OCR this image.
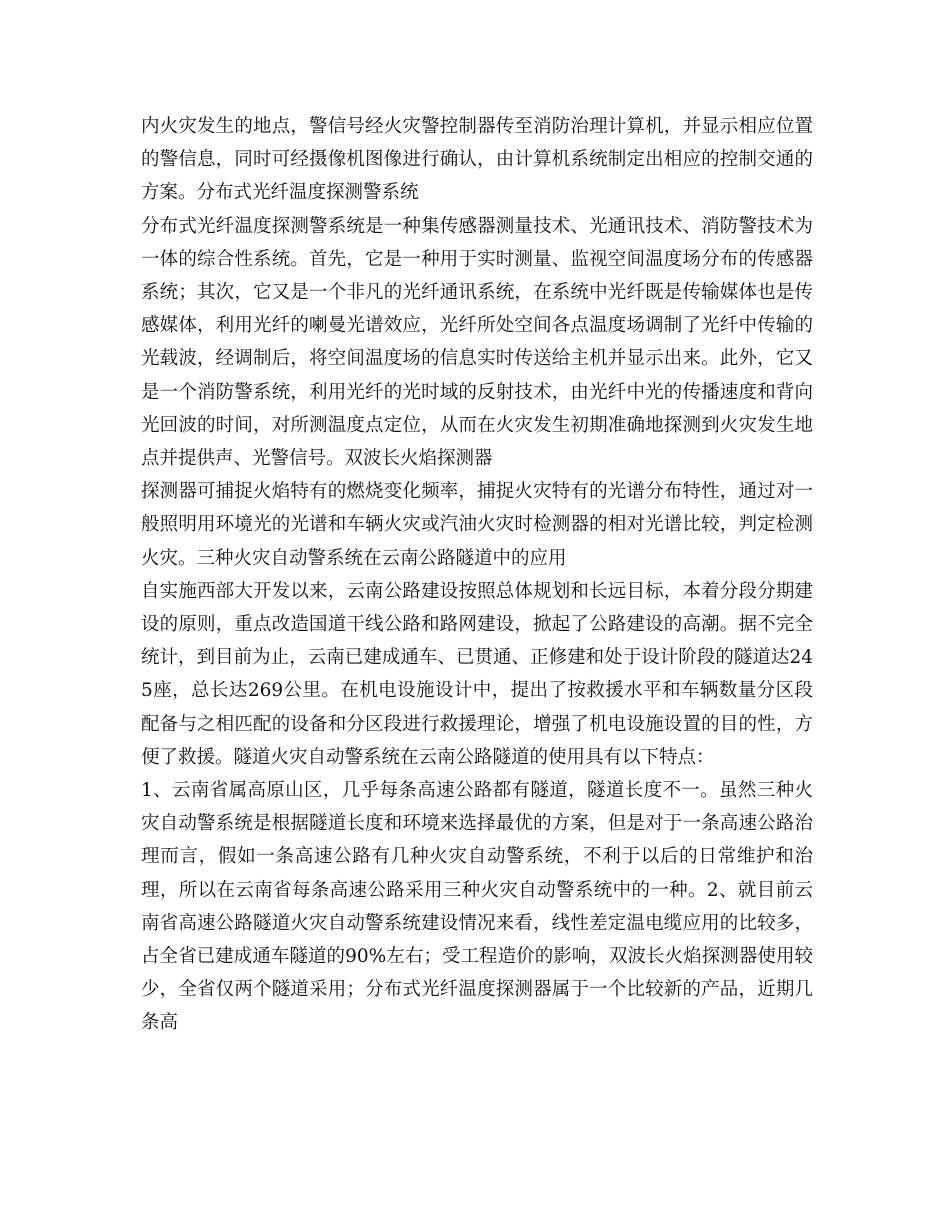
内火灾发生的地点，警信号经火灾警控制器传至消防治理计算机，并显示相应位置的警信息，同时可经摄像机图像进行确认，由计算机系统制定出相应的控制交通的方案。分布式光纤温度探测警系统

分布式光纤温度探测警系统是一种集传感器测量技术、光通讯技术、消防警技术为一体的综合性系统。首先，它是一种用于实时测量、监视空间温度场分布的传感器系统；其次，它又是一个非凡的光纤通讯系统，在系统中光纤既是传输媒体也是传感媒体，利用光纤的喇曼光谱效应，光纤所处空间各点温度场调制了光纤中传输的光载波，经调制后，将空间温度场的信息实时传送给主机并显示出来。此外，它又是一个消防警系统，利用光纤的光时域的反射技术，由光纤中光的传播速度和背向光回波的时间，对所测温度点定位，从而在火灾发生初期准确地探测到火灾发生地点并提供声、光警信号。双波长火焰探测器

探测器可捕捉火焰特有的燃烧变化频率，捕捉火灾特有的光谱分布特性，通过对一般照明用环境光的光谱和车辆火灾或汽油火灾时检测器的相对光谱比较，判定检测火灾。三种火灾自动警系统在云南公路隧道中的应用

自实施西部大开发以来，云南公路建设按照总体规划和长远目标，本着分段分期建设的原则，重点改造国道干线公路和路网建设，掀起了公路建设的高潮。据不完全统计，到目前为止，云南已建成通车、已贯通、正修建和处于设计阶段的隧道达245座，总长达269公里。在机电设施设计中，提出了按救援水平和车辆数量分区段配备与之相匹配的设备和分区段进行救援理论，增强了机电设施设置的目的性，方便了救援。隧道火灾自动警系统在云南公路隧道的使用具有以下特点：

1、云南省属高原山区，几乎每条高速公路都有隧道，隧道长度不一。虽然三种火灾自动警系统是根据隧道长度和环境来选择最优的方案，但是对于一条高速公路治理而言，假如一条高速公路有几种火灾自动警系统，不利于以后的日常维护和治理，所以在云南省每条高速公路采用三种火灾自动警系统中的一种。2、就目前云南省高速公路隧道火灾自动警系统建设情况来看，线性差定温电缆应用的比较多，占全省已建成通车隧道的90%左右；受工程造价的影响，双波长火焰探测器使用较少，全省仅两个隧道采用；分布式光纤温度探测器属于一个比较新的产品，近期几条高
